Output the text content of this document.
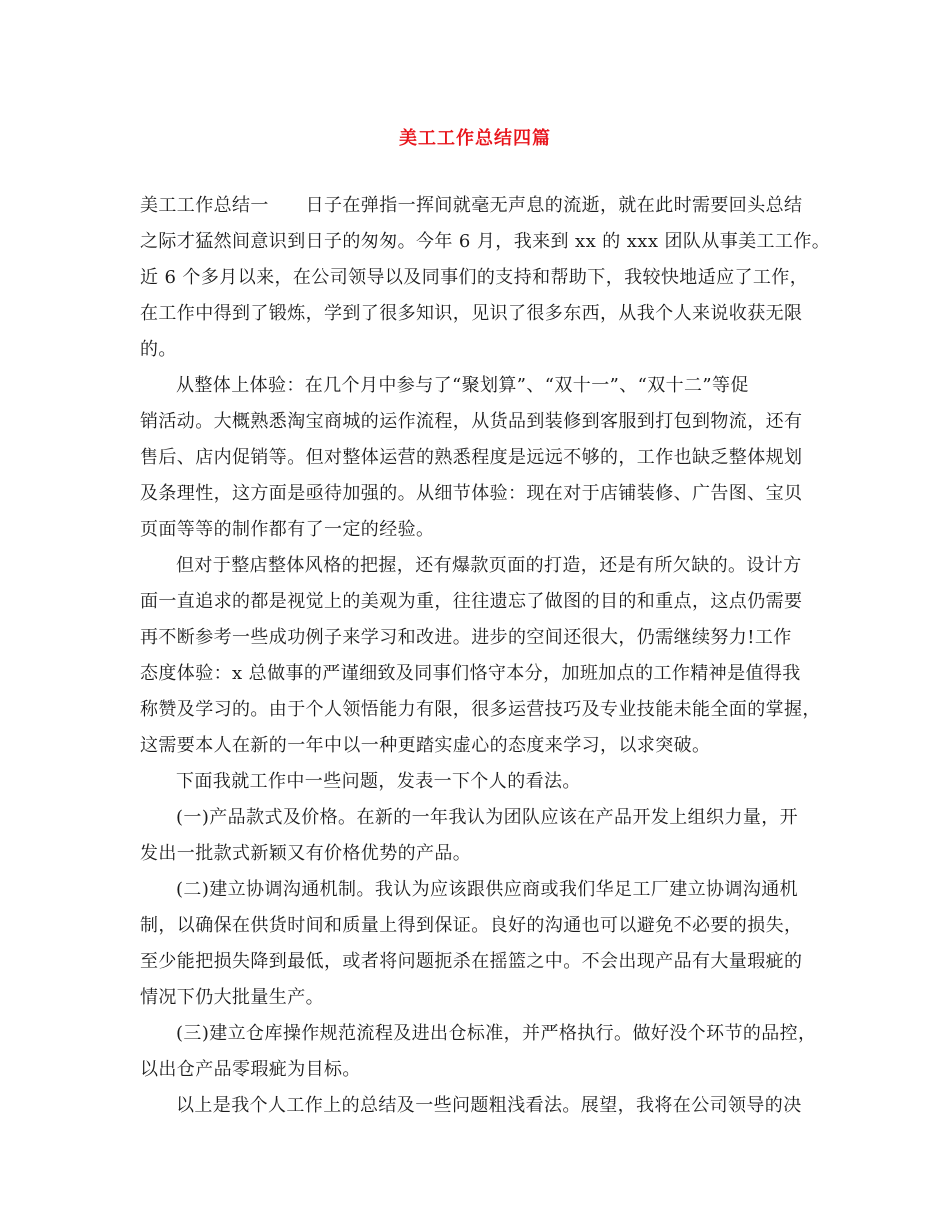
美工工作总结四篇
美工工作总结一　　日子在弹指一挥间就毫无声息的流逝，就在此时需要回头总结
之际才猛然间意识到日子的匆匆。今年 6 月，我来到 xx 的 xxx 团队从事美工工作。
近 6 个多月以来，在公司领导以及同事们的支持和帮助下，我较快地适应了工作，
在工作中得到了锻炼，学到了很多知识，见识了很多东西，从我个人来说收获无限
的。
从整体上体验：在几个月中参与了“聚划算”、“双十一”、“双十二”等促
销活动。大概熟悉淘宝商城的运作流程，从货品到装修到客服到打包到物流，还有
售后、店内促销等。但对整体运营的熟悉程度是远远不够的，工作也缺乏整体规划
及条理性，这方面是亟待加强的。从细节体验：现在对于店铺装修、广告图、宝贝
页面等等的制作都有了一定的经验。
但对于整店整体风格的把握，还有爆款页面的打造，还是有所欠缺的。设计方
面一直追求的都是视觉上的美观为重，往往遗忘了做图的目的和重点，这点仍需要
再不断参考一些成功例子来学习和改进。进步的空间还很大，仍需继续努力!工作
态度体验：x 总做事的严谨细致及同事们恪守本分，加班加点的工作精神是值得我
称赞及学习的。由于个人领悟能力有限，很多运营技巧及专业技能未能全面的掌握，
这需要本人在新的一年中以一种更踏实虚心的态度来学习，以求突破。
下面我就工作中一些问题，发表一下个人的看法。
(一)产品款式及价格。在新的一年我认为团队应该在产品开发上组织力量，开
发出一批款式新颖又有价格优势的产品。
(二)建立协调沟通机制。我认为应该跟供应商或我们华足工厂建立协调沟通机
制，以确保在供货时间和质量上得到保证。良好的沟通也可以避免不必要的损失，
至少能把损失降到最低，或者将问题扼杀在摇篮之中。不会出现产品有大量瑕疵的
情况下仍大批量生产。
(三)建立仓库操作规范流程及进出仓标准，并严格执行。做好没个环节的品控，
以出仓产品零瑕疵为目标。
以上是我个人工作上的总结及一些问题粗浅看法。展望，我将在公司领导的决
